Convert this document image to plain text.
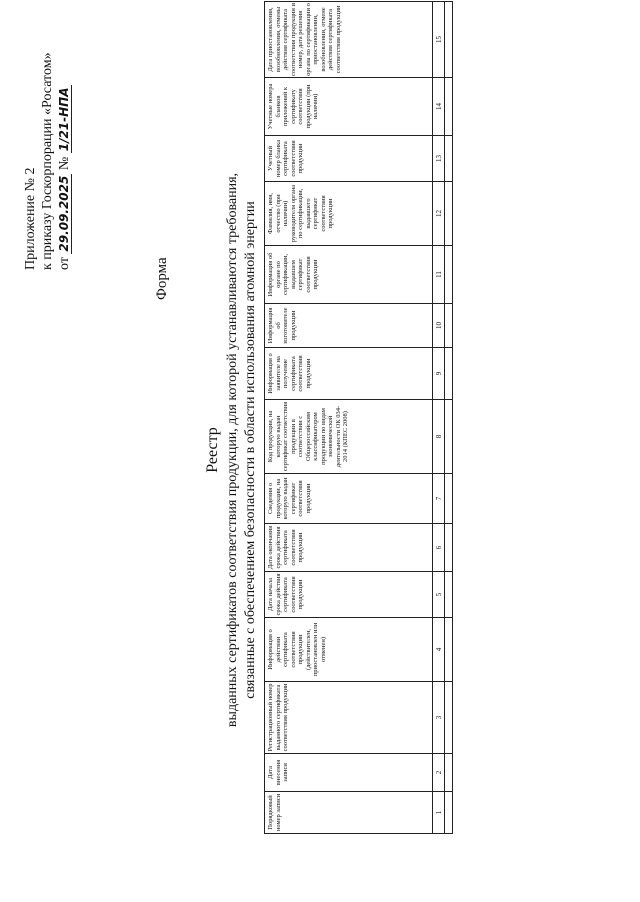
Приложение № 2 к приказу Госкорпорации «Росатом» от 29.09.2025 № 1/21-НПА
Форма
Реестр выданных сертификатов соответствия продукции, для которой устанавливаются требования, связанные с обеспечением безопасности в области использования атомной энергии
Порядковый номер записи	Дата внесения записи	Регистрационный номер выданного сертификата соответствия продукции	Информация о действии сертификата соответствия продукции (действителен, приостановлен или отменен)	Дата начала срока действия сертификата соответствия продукции	Дата окончания срока действия сертификата соответствия продукции	Сведения о продукции, на которую выдан сертификат соответствия продукции	Код продукции, на которую выдан сертификат соответствия продукции в соответствии с Общероссийским классификатором продукции по видам экономической деятельности ОК 034-2014 (КПЕС 2008)	Информация о заявителе на получение сертификата соответствия продукции	Информация об изготовителе продукции	Информация об органе по сертификации, выдавшем сертификат соответствия продукции	Фамилия, имя, отчество (при наличии) руководителя органа по сертификации, выдавшего сертификат соответствия продукции	Учетный номер бланка сертификата соответствия продукции	Учетные номера бланков приложений к сертификату соответствия продукции (при наличии)	Дата приостановления, возобновления, отмены действия сертификата соответствия продукции и номер, дата решения органа по сертификации о приостановлении, возобновлении, отмене действия сертификата соответствия продукции
1	2	3	4	5	6	7	8	9	10	11	12	13	14	15
